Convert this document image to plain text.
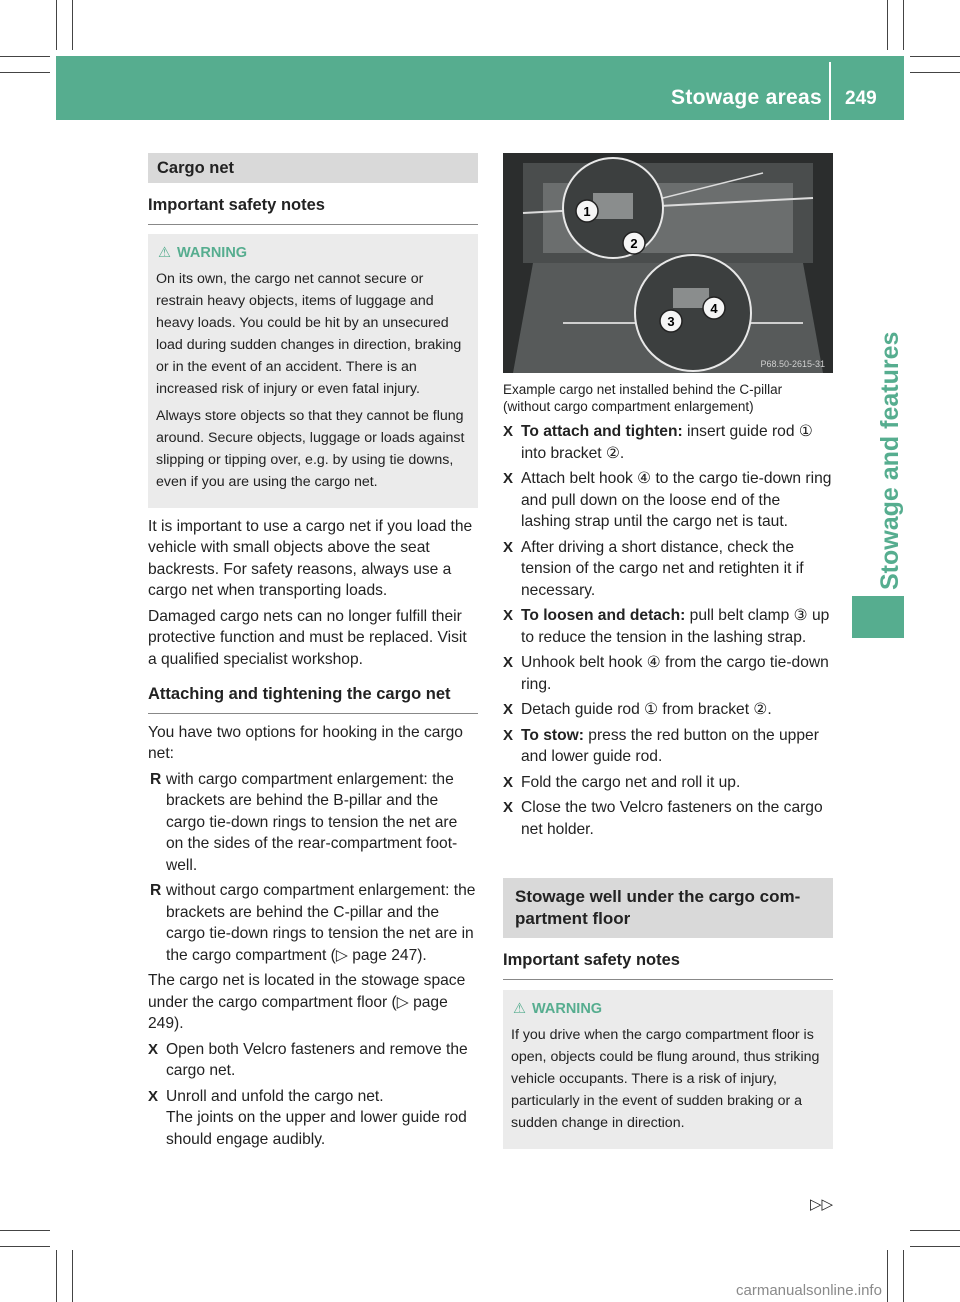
Stowage areas 249
Stowage and features
Cargo net
Important safety notes
⚠ WARNING

On its own, the cargo net cannot secure or restrain heavy objects, items of luggage and heavy loads. You could be hit by an unsecured load during sudden changes in direction, braking or in the event of an accident. There is an increased risk of injury or even fatal injury.

Always store objects so that they cannot be flung around. Secure objects, luggage or loads against slipping or tipping over, e.g. by using tie downs, even if you are using the cargo net.

It is important to use a cargo net if you load the vehicle with small objects above the seat backrests. For safety reasons, always use a cargo net when transporting loads.

Damaged cargo nets can no longer fulfill their protective function and must be replaced. Visit a qualified specialist workshop.

Attaching and tightening the cargo net

You have two options for hooking in the cargo net:

R with cargo compartment enlargement: the brackets are behind the B-pillar and the cargo tie-down rings to tension the net are on the sides of the rear-compartment foot-well.
R without cargo compartment enlargement: the brackets are behind the C-pillar and the cargo tie-down rings to tension the net are in the cargo compartment (▷ page 247).

The cargo net is located in the stowage space under the cargo compartment floor (▷ page 249).

X Open both Velcro fasteners and remove the cargo net.
X Unroll and unfold the cargo net.
The joints on the upper and lower guide rod should engage audibly.
1
2
3
4
P68.50-2615-31
Example cargo net installed behind the C-pillar (without cargo compartment enlargement)
X To attach and tighten: insert guide rod ① into bracket ②.
X Attach belt hook ④ to the cargo tie-down ring and pull down on the loose end of the lashing strap until the cargo net is taut.
X After driving a short distance, check the tension of the cargo net and retighten it if necessary.
X To loosen and detach: pull belt clamp ③ up to reduce the tension in the lashing strap.
X Unhook belt hook ④ from the cargo tie-down ring.
X Detach guide rod ① from bracket ②.
X To stow: press the red button on the upper and lower guide rod.
X Fold the cargo net and roll it up.
X Close the two Velcro fasteners on the cargo net holder.
Stowage well under the cargo com-partment floor
Important safety notes
⚠ WARNING

If you drive when the cargo compartment floor is open, objects could be flung around, thus striking vehicle occupants. There is a risk of injury, particularly in the event of sudden braking or a sudden change in direction.

▷▷
carmanualsonline.info
